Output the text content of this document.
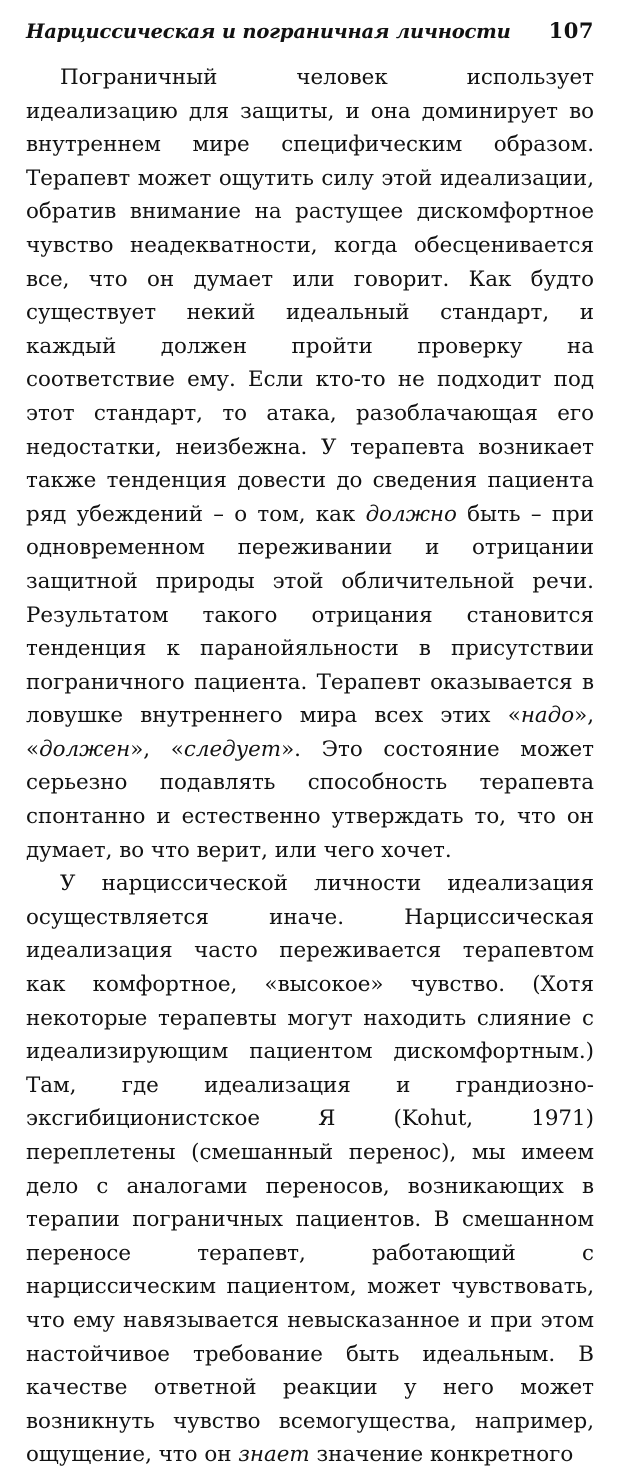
Нарциссическая и пограничная личности 107

Пограничный человек использует идеализацию для защиты, и она доминирует во внутреннем мире специфическим образом. Терапевт может ощутить силу этой идеализации, обратив внимание на растущее дискомфортное чувство неадекватности, когда обесценивается все, что он думает или говорит. Как будто существует некий идеальный стандарт, и каждый должен пройти проверку на соответствие ему. Если кто-то не подходит под этот стандарт, то атака, разоблачающая его недостатки, неизбежна. У терапевта возникает также тенденция довести до сведения пациента ряд убеждений – о том, как должно быть – при одновременном переживании и отрицании защитной природы этой обличительной речи. Результатом такого отрицания становится тенденция к паранойяльности в присутствии пограничного пациента. Терапевт оказывается в ловушке внутреннего мира всех этих «надо», «должен», «следует». Это состояние может серьезно подавлять способность терапевта спонтанно и естественно утверждать то, что он думает, во что верит, или чего хочет.

У нарциссической личности идеализация осуществляется иначе. Нарциссическая идеализация часто переживается терапевтом как комфортное, «высокое» чувство. (Хотя некоторые терапевты могут находить слияние с идеализирующим пациентом дискомфортным.) Там, где идеализация и грандиозно-эксгибиционистское Я (Kohut, 1971) переплетены (смешанный перенос), мы имеем дело с аналогами переносов, возникающих в терапии пограничных пациентов. В смешанном переносе терапевт, работающий с нарциссическим пациентом, может чувствовать, что ему навязывается невысказанное и при этом настойчивое требование быть идеальным. В качестве ответной реакции у него может возникнуть чувство всемогущества, например, ощущение, что он знает значение конкретного
